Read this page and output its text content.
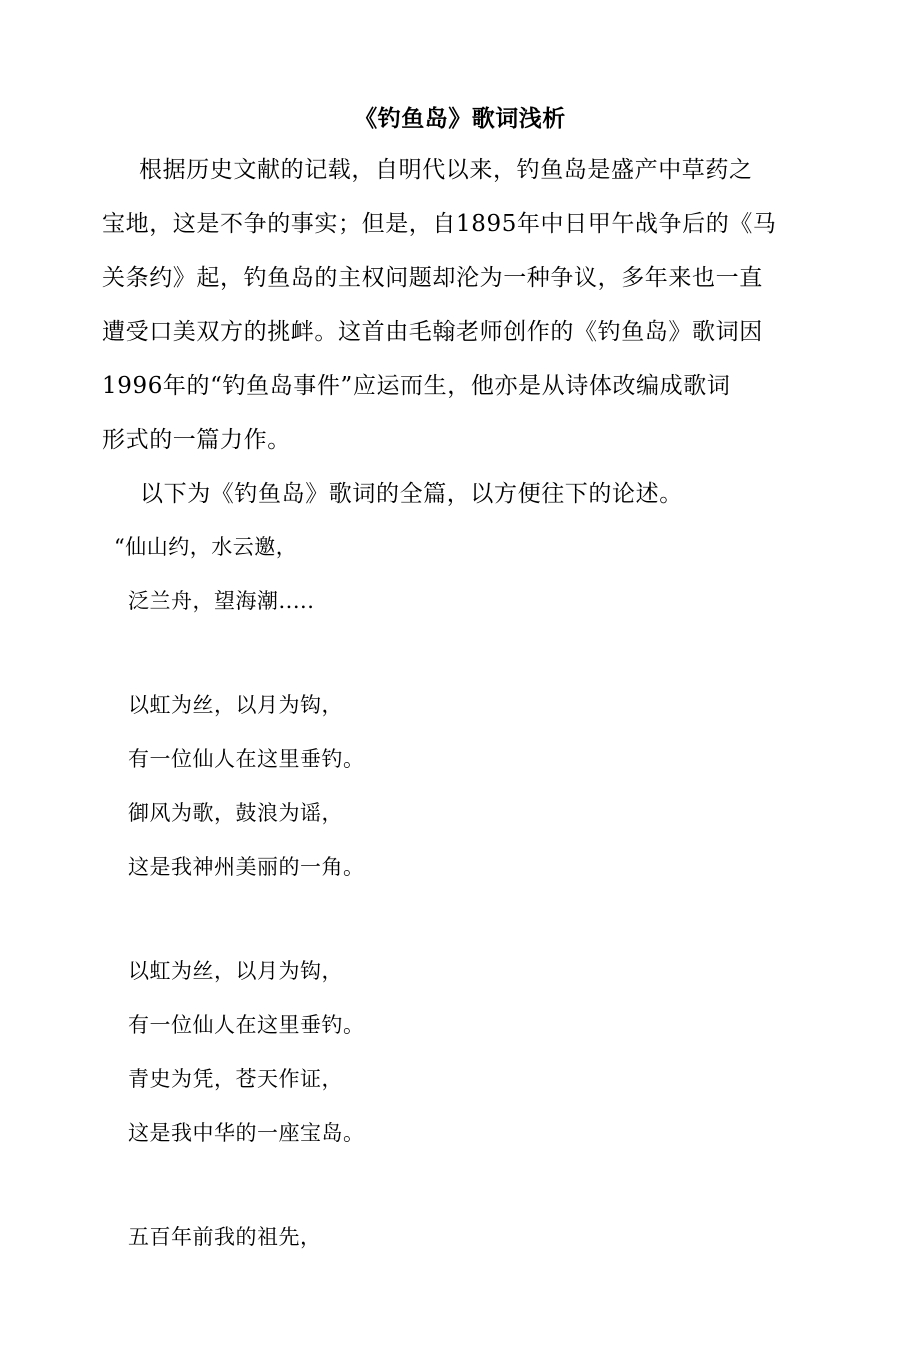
《钓鱼岛》歌词浅析
根据历史文献的记载，自明代以来，钓鱼岛是盛产中草药之
宝地，这是不争的事实；但是，自1895年中日甲午战争后的《马
关条约》起，钓鱼岛的主权问题却沦为一种争议，多年来也一直
遭受口美双方的挑衅。这首由毛翰老师创作的《钓鱼岛》歌词因
1996年的“钓鱼岛事件”应运而生，他亦是从诗体改编成歌词
形式的一篇力作。
以下为《钓鱼岛》歌词的全篇，以方便往下的论述。
“仙山约，水云邀，
泛兰舟，望海潮.....
以虹为丝，以月为钩，
有一位仙人在这里垂钓。
御风为歌，鼓浪为谣，
这是我神州美丽的一角。
以虹为丝，以月为钩，
有一位仙人在这里垂钓。
青史为凭，苍天作证，
这是我中华的一座宝岛。
五百年前我的祖先，
